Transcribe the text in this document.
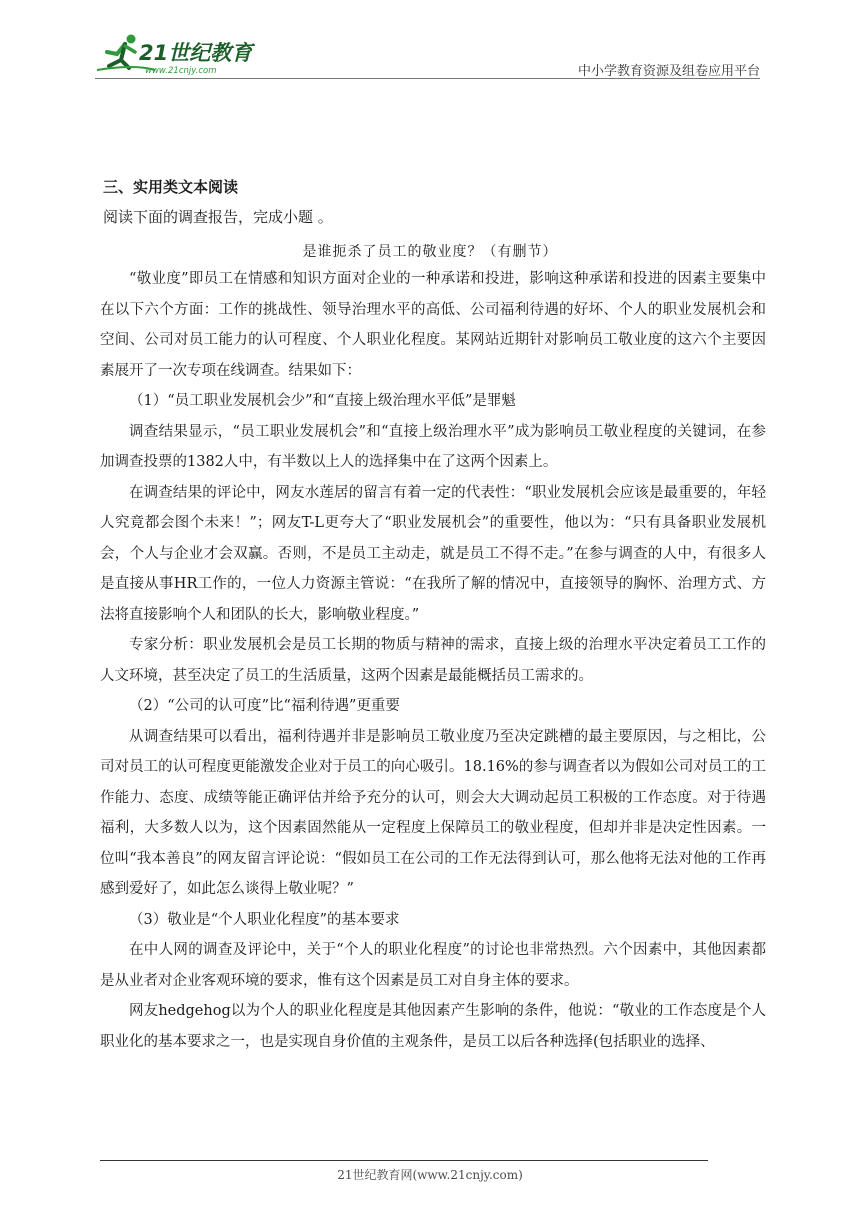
21世纪教育
www.21cnjy.com	中小学教育资源及组卷应用平台
三、实用类文本阅读
阅读下面的调查报告，完成小题 。
是谁扼杀了员工的敬业度？（有删节）

“敬业度”即员工在情感和知识方面对企业的一种承诺和投进，影响这种承诺和投进的因素主要集中在以下六个方面：工作的挑战性、领导治理水平的高低、公司福利待遇的好坏、个人的职业发展机会和空间、公司对员工能力的认可程度、个人职业化程度。某网站近期针对影响员工敬业度的这六个主要因素展开了一次专项在线调查。结果如下：

（1）“员工职业发展机会少”和“直接上级治理水平低”是罪魁

调查结果显示，“员工职业发展机会”和“直接上级治理水平”成为影响员工敬业程度的关键词，在参加调查投票的1382人中，有半数以上人的选择集中在了这两个因素上。

在调查结果的评论中，网友水莲居的留言有着一定的代表性：“职业发展机会应该是最重要的，年轻人究竟都会图个未来！”；网友T-L更夸大了“职业发展机会”的重要性，他以为：“只有具备职业发展机会，个人与企业才会双赢。否则，不是员工主动走，就是员工不得不走。”在参与调查的人中，有很多人是直接从事HR工作的，一位人力资源主管说：“在我所了解的情况中，直接领导的胸怀、治理方式、方法将直接影响个人和团队的长大，影响敬业程度。”

专家分析：职业发展机会是员工长期的物质与精神的需求，直接上级的治理水平决定着员工工作的人文环境，甚至决定了员工的生活质量，这两个因素是最能概括员工需求的。

（2）“公司的认可度”比“福利待遇”更重要

从调查结果可以看出，福利待遇并非是影响员工敬业度乃至决定跳槽的最主要原因，与之相比，公司对员工的认可程度更能激发企业对于员工的向心吸引。18.16%的参与调查者以为假如公司对员工的工作能力、态度、成绩等能正确评估并给予充分的认可，则会大大调动起员工积极的工作态度。对于待遇福利，大多数人以为，这个因素固然能从一定程度上保障员工的敬业程度，但却并非是决定性因素。一位叫“我本善良”的网友留言评论说：“假如员工在公司的工作无法得到认可，那么他将无法对他的工作再感到爱好了，如此怎么谈得上敬业呢？”

（3）敬业是“个人职业化程度”的基本要求

在中人网的调查及评论中，关于“个人的职业化程度”的讨论也非常热烈。六个因素中，其他因素都是从业者对企业客观环境的要求，惟有这个因素是员工对自身主体的要求。

网友hedgehog以为个人的职业化程度是其他因素产生影响的条件，他说：“敬业的工作态度是个人职业化的基本要求之一，也是实现自身价值的主观条件，是员工以后各种选择(包括职业的选择、

21世纪教育网(www.21cnjy.com)
